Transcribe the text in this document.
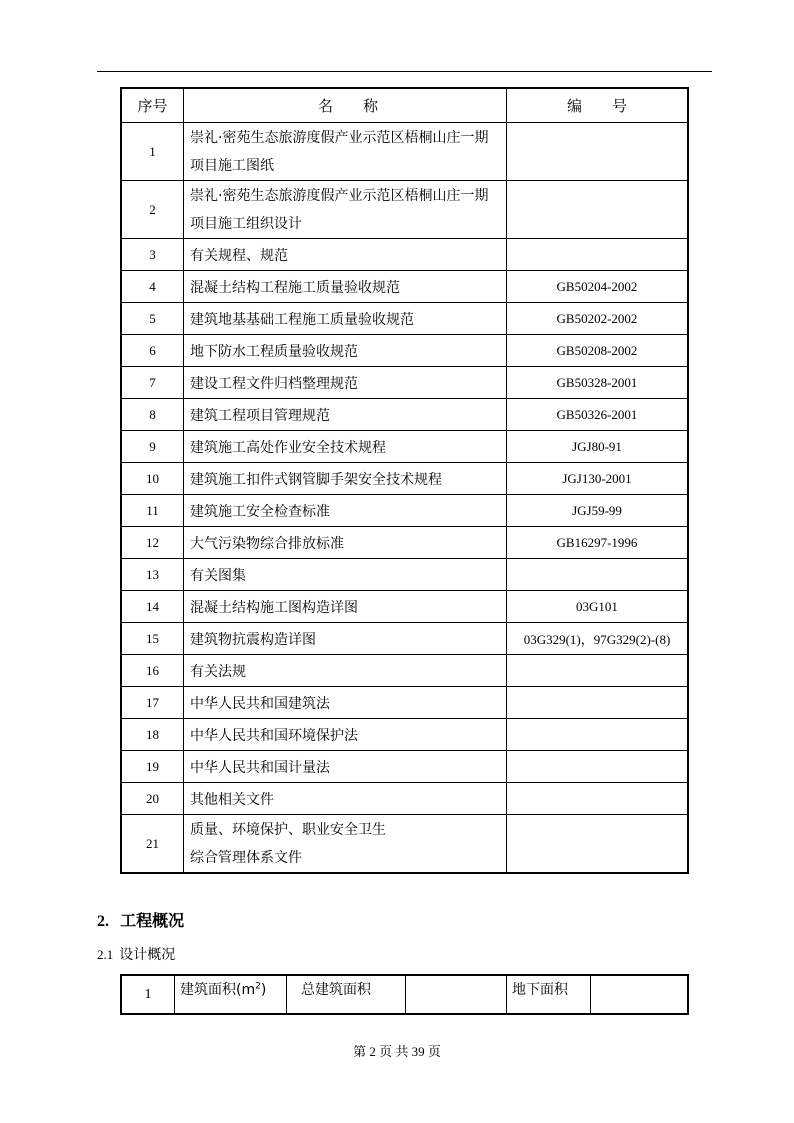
序号	名　　称	编　　号
1	崇礼·密苑生态旅游度假产业示范区梧桐山庄一期
项目施工图纸	
2	崇礼·密苑生态旅游度假产业示范区梧桐山庄一期
项目施工组织设计	
3	有关规程、规范	
4	混凝土结构工程施工质量验收规范	GB50204-2002
5	建筑地基基础工程施工质量验收规范	GB50202-2002
6	地下防水工程质量验收规范	GB50208-2002
7	建设工程文件归档整理规范	GB50328-2001
8	建筑工程项目管理规范	GB50326-2001
9	建筑施工高处作业安全技术规程	JGJ80-91
10	建筑施工扣件式钢管脚手架安全技术规程	JGJ130-2001
11	建筑施工安全检查标准	JGJ59-99
12	大气污染物综合排放标准	GB16297-1996
13	有关图集	
14	混凝土结构施工图构造详图	03G101
15	建筑物抗震构造详图	03G329(1)，97G329(2)-(8)
16	有关法规	
17	中华人民共和国建筑法	
18	中华人民共和国环境保护法	
19	中华人民共和国计量法	
20	其他相关文件	
21	质量、环境保护、职业安全卫生
综合管理体系文件	
2. 工程概况
2.1 设计概况
1	建筑面积$(m^2)$	总建筑面积		地下面积	
第 2 页 共 39 页
